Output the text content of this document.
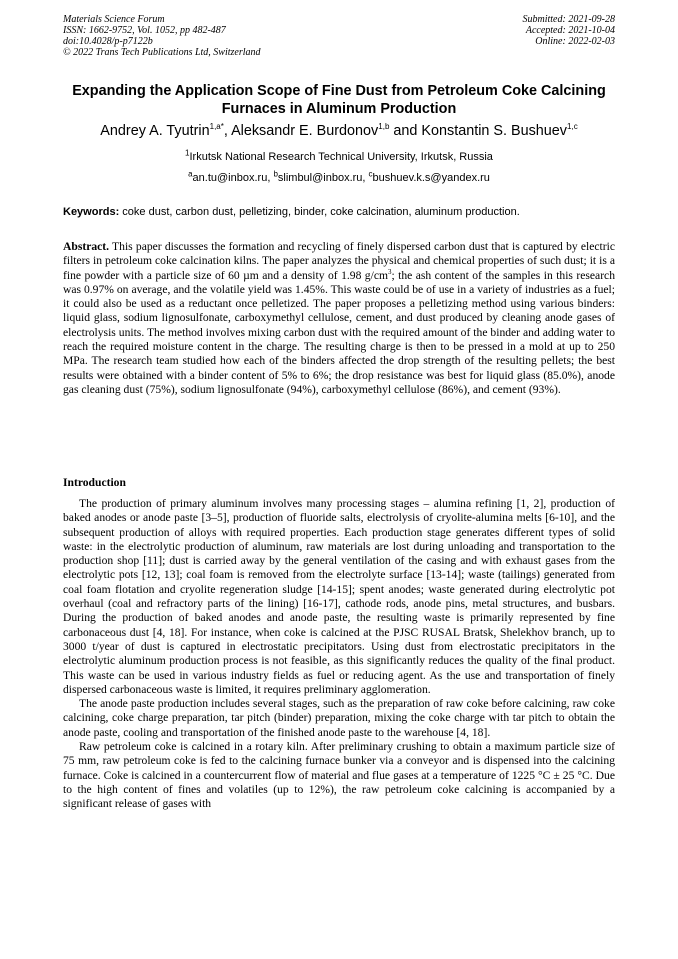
Materials Science Forum
ISSN: 1662-9752, Vol. 1052, pp 482-487
doi:10.4028/p-p7122b
© 2022 Trans Tech Publications Ltd, Switzerland
Submitted: 2021-09-28
Accepted: 2021-10-04
Online: 2022-02-03
Expanding the Application Scope of Fine Dust from Petroleum Coke Calcining Furnaces in Aluminum Production
Andrey A. Tyutrin$^{1,a*}$, Aleksandr E. Burdonov$^{1,b}$ and Konstantin S. Bushuev$^{1,c}$
$^1$Irkutsk National Research Technical University, Irkutsk, Russia
$^a$an.tu@inbox.ru, $^b$slimbul@inbox.ru, $^c$bushuev.k.s@yandex.ru
Keywords: coke dust, carbon dust, pelletizing, binder, coke calcination, aluminum production.
Abstract. This paper discusses the formation and recycling of finely dispersed carbon dust that is captured by electric filters in petroleum coke calcination kilns. The paper analyzes the physical and chemical properties of such dust; it is a fine powder with a particle size of 60 µm and a density of 1.98 $g/cm^3$; the ash content of the samples in this research was 0.97% on average, and the volatile yield was 1.45%. This waste could be of use in a variety of industries as a fuel; it could also be used as a reductant once pelletized. The paper proposes a pelletizing method using various binders: liquid glass, sodium lignosulfonate, carboxymethyl cellulose, cement, and dust produced by cleaning anode gases of electrolysis units. The method involves mixing carbon dust with the required amount of the binder and adding water to reach the required moisture content in the charge. The resulting charge is then to be pressed in a mold at up to 250 MPa. The research team studied how each of the binders affected the drop strength of the resulting pellets; the best results were obtained with a binder content of 5% to 6%; the drop resistance was best for liquid glass (85.0%), anode gas cleaning dust (75%), sodium lignosulfonate (94%), carboxymethyl cellulose (86%), and cement (93%).
Introduction

The production of primary aluminum involves many processing stages – alumina refining [1, 2], production of baked anodes or anode paste [3–5], production of fluoride salts, electrolysis of cryolite-alumina melts [6-10], and the subsequent production of alloys with required properties. Each production stage generates different types of solid waste: in the electrolytic production of aluminum, raw materials are lost during unloading and transportation to the production shop [11]; dust is carried away by the general ventilation of the casing and with exhaust gases from the electrolytic pots [12, 13]; coal foam is removed from the electrolyte surface [13-14]; waste (tailings) generated from coal foam flotation and cryolite regeneration sludge [14-15]; spent anodes; waste generated during electrolytic pot overhaul (coal and refractory parts of the lining) [16-17], cathode rods, anode pins, metal structures, and busbars. During the production of baked anodes and anode paste, the resulting waste is primarily represented by fine carbonaceous dust [4, 18]. For instance, when coke is calcined at the PJSC RUSAL Bratsk, Shelekhov branch, up to 3000 t/year of dust is captured in electrostatic precipitators. Using dust from electrostatic precipitators in the electrolytic aluminum production process is not feasible, as this significantly reduces the quality of the final product. This waste can be used in various industry fields as fuel or reducing agent. As the use and transportation of finely dispersed carbonaceous waste is limited, it requires preliminary agglomeration.

The anode paste production includes several stages, such as the preparation of raw coke before calcining, raw coke calcining, coke charge preparation, tar pitch (binder) preparation, mixing the coke charge with tar pitch to obtain the anode paste, cooling and transportation of the finished anode paste to the warehouse [4, 18].

Raw petroleum coke is calcined in a rotary kiln. After preliminary crushing to obtain a maximum particle size of 75 mm, raw petroleum coke is fed to the calcining furnace bunker via a conveyor and is dispensed into the calcining furnace. Coke is calcined in a countercurrent flow of material and flue gases at a temperature of 1225 °C ± 25 °C. Due to the high content of fines and volatiles (up to 12%), the raw petroleum coke calcining is accompanied by a significant release of gases with
